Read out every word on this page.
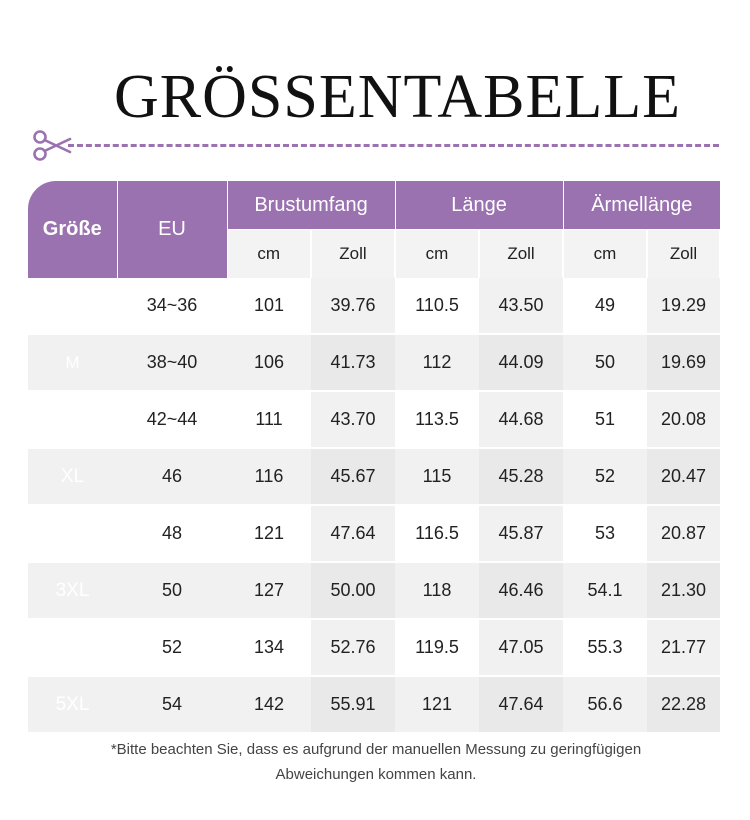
GRÖSSENTABELLE
Größe	EU	Brustumfang		Länge		Ärmellänge	
		cm	Zoll	cm	Zoll	cm	Zoll
S	34~36	101	39.76	110.5	43.50	49	19.29
M	38~40	106	41.73	112	44.09	50	19.69
L	42~44	111	43.70	113.5	44.68	51	20.08
XL	46	116	45.67	115	45.28	52	20.47
2XL	48	121	47.64	116.5	45.87	53	20.87
3XL	50	127	50.00	118	46.46	54.1	21.30
4XL	52	134	52.76	119.5	47.05	55.3	21.77
5XL	54	142	55.91	121	47.64	56.6	22.28
*Bitte beachten Sie, dass es aufgrund der manuellen Messung zu geringfügigen
Abweichungen kommen kann.
